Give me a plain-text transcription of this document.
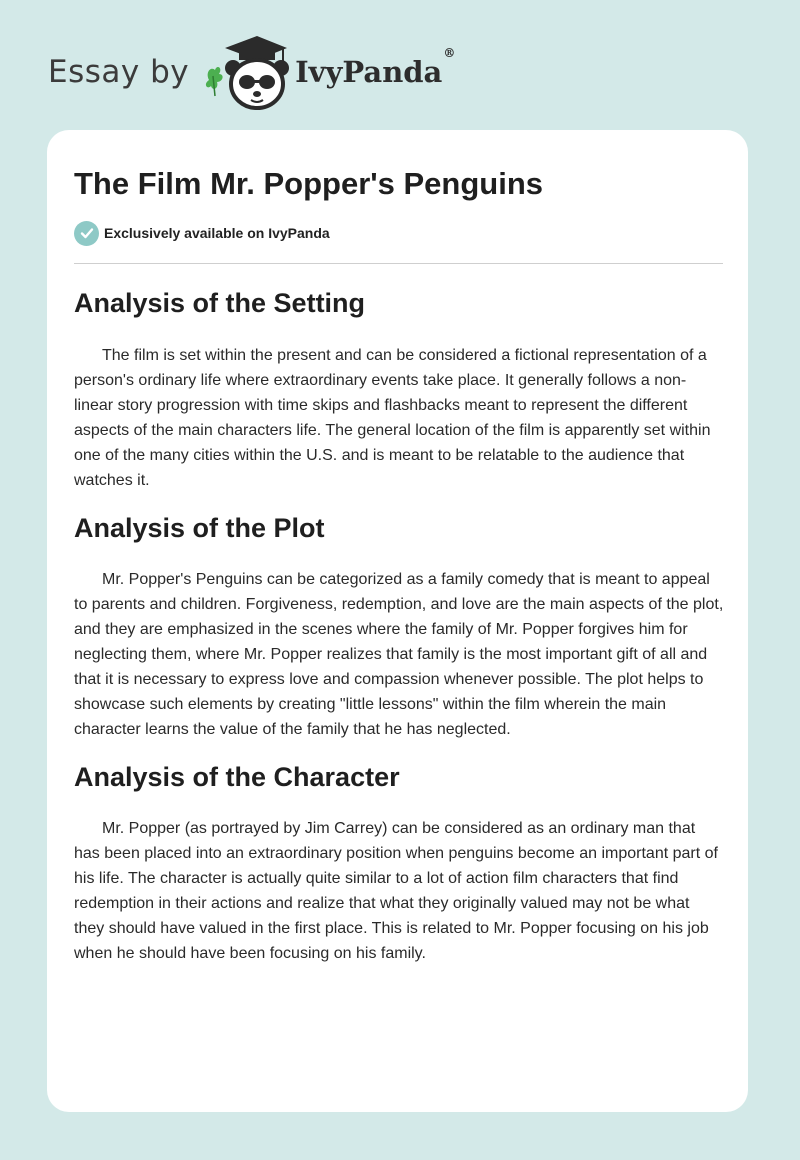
Essay by	IvyPanda®
The Film Mr. Popper's Penguins
Exclusively available on IvyPanda
Analysis of the Setting

The film is set within the present and can be considered a fictional representation of a person's ordinary life where extraordinary events take place. It generally follows a non-linear story progression with time skips and flashbacks meant to represent the different aspects of the main characters life. The general location of the film is apparently set within one of the many cities within the U.S. and is meant to be relatable to the audience that watches it.

Analysis of the Plot

Mr. Popper's Penguins can be categorized as a family comedy that is meant to appeal to parents and children. Forgiveness, redemption, and love are the main aspects of the plot, and they are emphasized in the scenes where the family of Mr. Popper forgives him for neglecting them, where Mr. Popper realizes that family is the most important gift of all and that it is necessary to express love and compassion whenever possible. The plot helps to showcase such elements by creating "little lessons" within the film wherein the main character learns the value of the family that he has neglected.

Analysis of the Character

Mr. Popper (as portrayed by Jim Carrey) can be considered as an ordinary man that has been placed into an extraordinary position when penguins become an important part of his life. The character is actually quite similar to a lot of action film characters that find redemption in their actions and realize that what they originally valued may not be what they should have valued in the first place. This is related to Mr. Popper focusing on his job when he should have been focusing on his family.
